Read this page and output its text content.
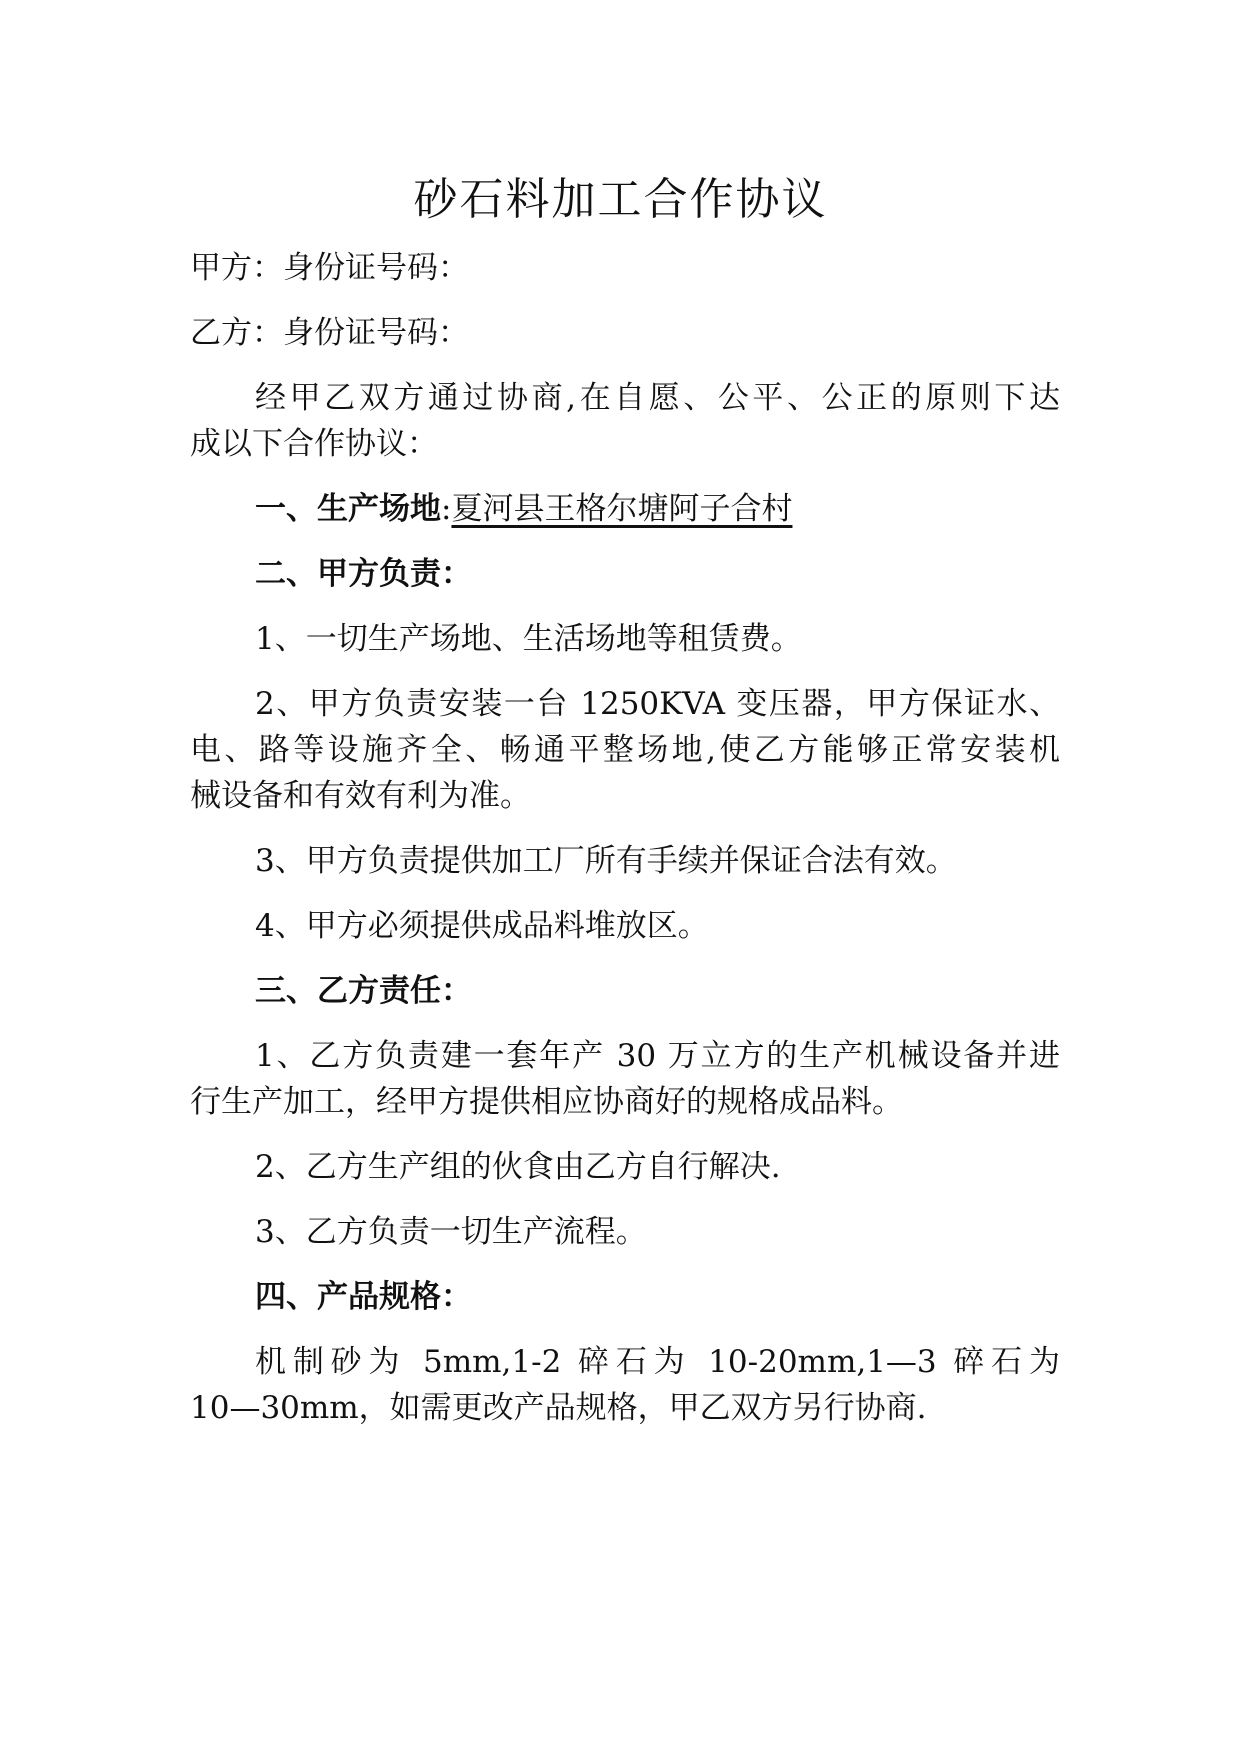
砂石料加工合作协议

甲方：身份证号码：

乙方：身份证号码：

经甲乙双方通过协商,在自愿、公平、公正的原则下达

成以下合作协议：

一、生产场地:夏河县王格尔塘阿子合村

二、甲方负责：

1、一切生产场地、生活场地等租赁费。

2、甲方负责安装一台 1250KVA 变压器，甲方保证水、

电、路等设施齐全、畅通平整场地,使乙方能够正常安装机

械设备和有效有利为准。

3、甲方负责提供加工厂所有手续并保证合法有效。

4、甲方必须提供成品料堆放区。

三、乙方责任：

1、乙方负责建一套年产 30 万立方的生产机械设备并进

行生产加工，经甲方提供相应协商好的规格成品料。

2、乙方生产组的伙食由乙方自行解决.

3、乙方负责一切生产流程。

四、产品规格：

机制砂为 5mm,1-2 碎石为 10-20mm,1—3 碎石为

10—30mm，如需更改产品规格，甲乙双方另行协商.
